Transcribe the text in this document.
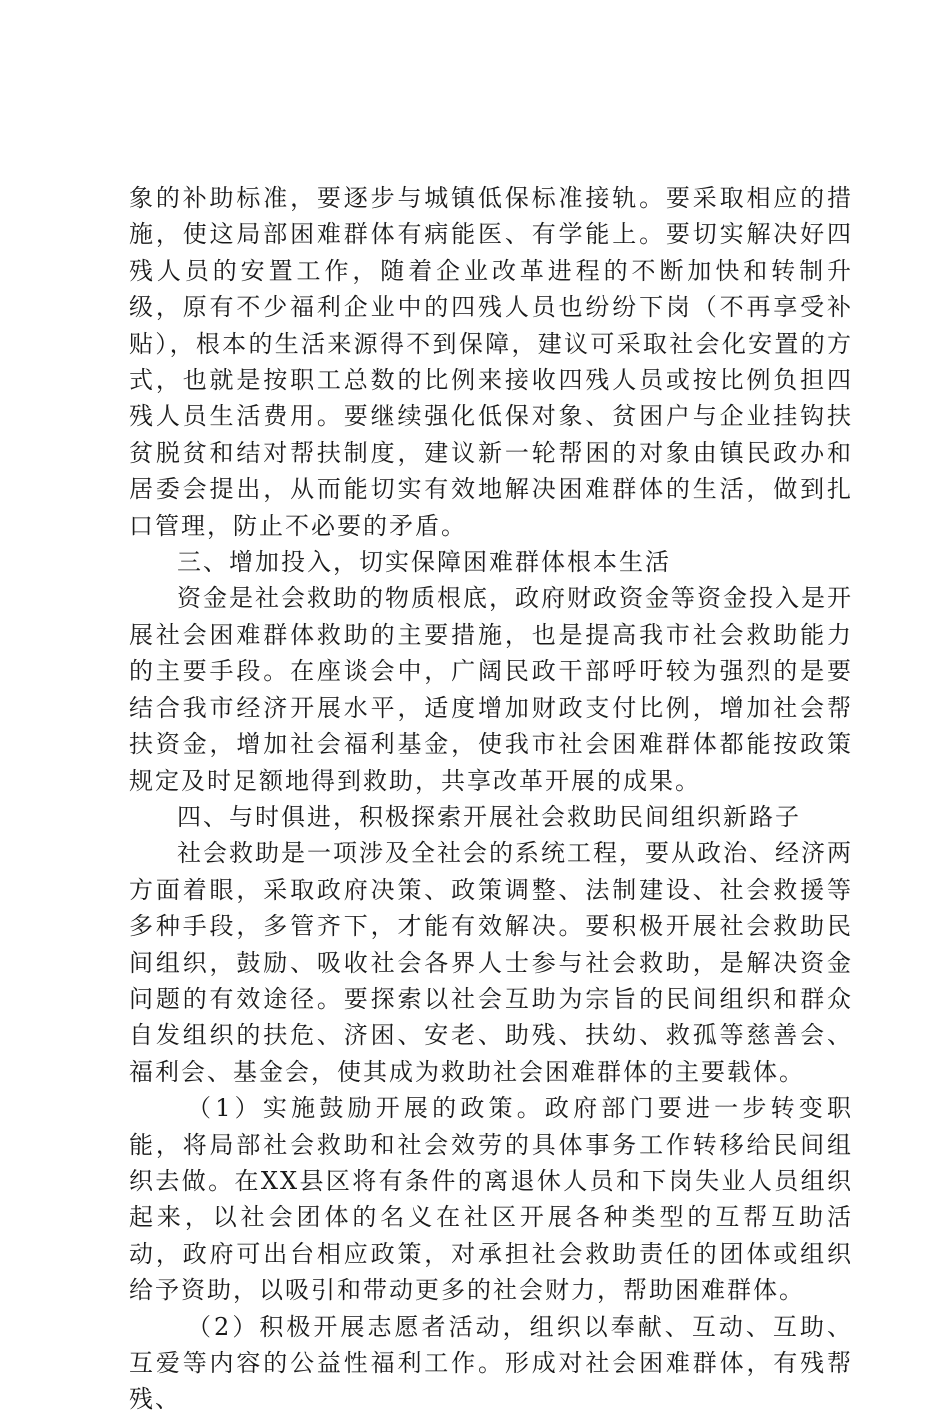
象的补助标准，要逐步与城镇低保标准接轨。要采取相应的措施，使这局部困难群体有病能医、有学能上。要切实解决好四残人员的安置工作，随着企业改革进程的不断加快和转制升级，原有不少福利企业中的四残人员也纷纷下岗（不再享受补贴），根本的生活来源得不到保障，建议可采取社会化安置的方式，也就是按职工总数的比例来接收四残人员或按比例负担四残人员生活费用。要继续强化低保对象、贫困户与企业挂钩扶贫脱贫和结对帮扶制度，建议新一轮帮困的对象由镇民政办和居委会提出，从而能切实有效地解决困难群体的生活，做到扎口管理，防止不必要的矛盾。

三、增加投入，切实保障困难群体根本生活

资金是社会救助的物质根底，政府财政资金等资金投入是开展社会困难群体救助的主要措施，也是提高我市社会救助能力的主要手段。在座谈会中，广阔民政干部呼吁较为强烈的是要结合我市经济开展水平，适度增加财政支付比例，增加社会帮扶资金，增加社会福利基金，使我市社会困难群体都能按政策规定及时足额地得到救助，共享改革开展的成果。

四、与时俱进，积极探索开展社会救助民间组织新路子

社会救助是一项涉及全社会的系统工程，要从政治、经济两方面着眼，采取政府决策、政策调整、法制建设、社会救援等多种手段，多管齐下，才能有效解决。要积极开展社会救助民间组织，鼓励、吸收社会各界人士参与社会救助，是解决资金问题的有效途径。要探索以社会互助为宗旨的民间组织和群众自发组织的扶危、济困、安老、助残、扶幼、救孤等慈善会、福利会、基金会，使其成为救助社会困难群体的主要载体。

（1）实施鼓励开展的政策。政府部门要进一步转变职能，将局部社会救助和社会效劳的具体事务工作转移给民间组织去做。在XX县区将有条件的离退休人员和下岗失业人员组织起来，以社会团体的名义在社区开展各种类型的互帮互助活动，政府可出台相应政策，对承担社会救助责任的团体或组织给予资助，以吸引和带动更多的社会财力，帮助困难群体。

（2）积极开展志愿者活动，组织以奉献、互动、互助、互爱等内容的公益性福利工作。形成对社会困难群体，有残帮残、
